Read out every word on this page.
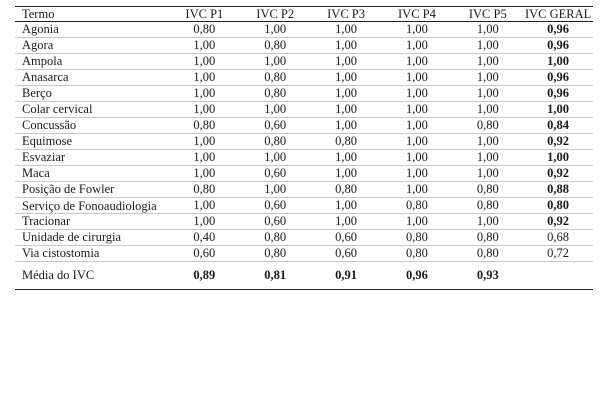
Termo	IVC P1	IVC P2	IVC P3	IVC P4	IVC P5	IVC GERAL
Agonia	0,80	1,00	1,00	1,00	1,00	0,96
Agora	1,00	0,80	1,00	1,00	1,00	0,96
Ampola	1,00	1,00	1,00	1,00	1,00	1,00
Anasarca	1,00	0,80	1,00	1,00	1,00	0,96
Berço	1,00	0,80	1,00	1,00	1,00	0,96
Colar cervical	1,00	1,00	1,00	1,00	1,00	1,00
Concussão	0,80	0,60	1,00	1,00	0,80	0,84
Equimose	1,00	0,80	0,80	1,00	1,00	0,92
Esvaziar	1,00	1,00	1,00	1,00	1,00	1,00
Maca	1,00	0,60	1,00	1,00	1,00	0,92
Posição de Fowler	0,80	1,00	0,80	1,00	0,80	0,88
Serviço de Fonoaudiologia	1,00	0,60	1,00	0,80	0,80	0,80
Tracionar	1,00	0,60	1,00	1,00	1,00	0,92
Unidade de cirurgia	0,40	0,80	0,60	0,80	0,80	0,68
Via cistostomia	0,60	0,80	0,60	0,80	0,80	0,72
Média do IVC	0,89	0,81	0,91	0,96	0,93	
